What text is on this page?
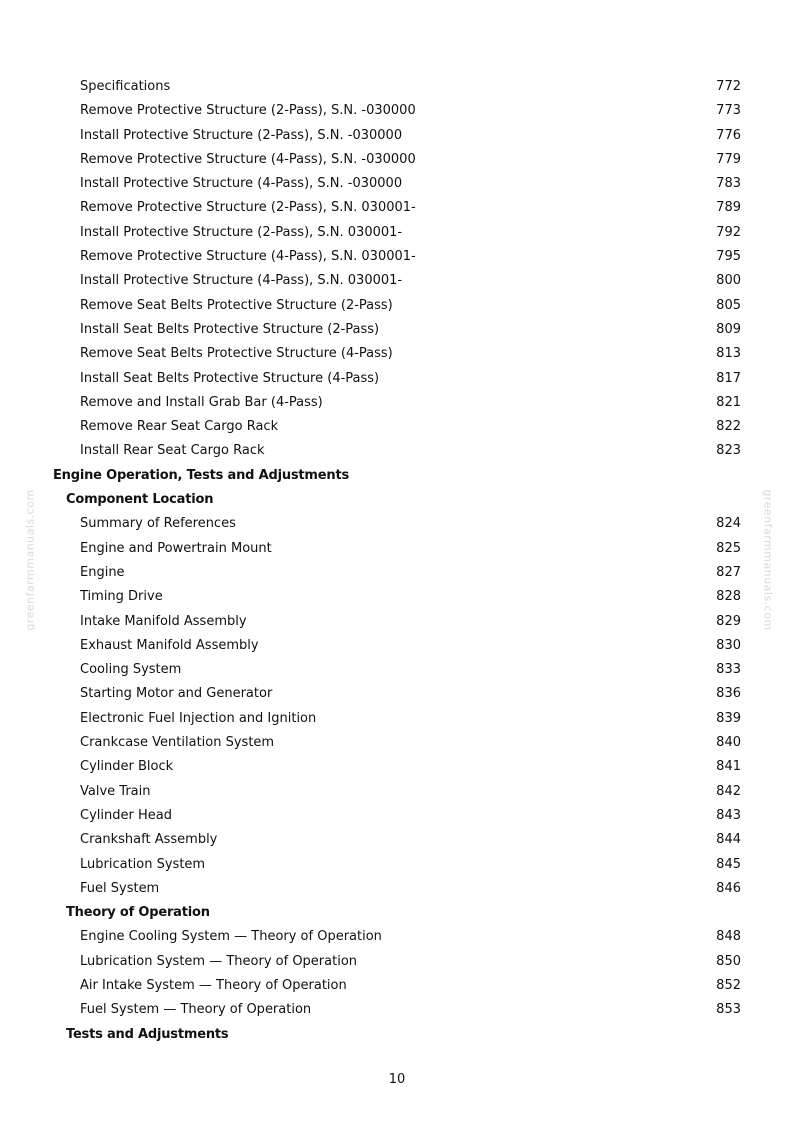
Specifications	772
Remove Protective Structure (2-Pass), S.N. -030000	773
Install Protective Structure (2-Pass), S.N. -030000	776
Remove Protective Structure (4-Pass), S.N. -030000	779
Install Protective Structure (4-Pass), S.N. -030000	783
Remove Protective Structure (2-Pass), S.N. 030001-	789
Install Protective Structure (2-Pass), S.N. 030001-	792
Remove Protective Structure (4-Pass), S.N. 030001-	795
Install Protective Structure (4-Pass), S.N. 030001-	800
Remove Seat Belts Protective Structure (2-Pass)	805
Install Seat Belts Protective Structure (2-Pass)	809
Remove Seat Belts Protective Structure (4-Pass)	813
Install Seat Belts Protective Structure (4-Pass)	817
Remove and Install Grab Bar (4-Pass)	821
Remove Rear Seat Cargo Rack	822
Install Rear Seat Cargo Rack	823
Engine Operation, Tests and Adjustments
Component Location
Summary of References	824
Engine and Powertrain Mount	825
Engine	827
Timing Drive	828
Intake Manifold Assembly	829
Exhaust Manifold Assembly	830
Cooling System	833
Starting Motor and Generator	836
Electronic Fuel Injection and Ignition	839
Crankcase Ventilation System	840
Cylinder Block	841
Valve Train	842
Cylinder Head	843
Crankshaft Assembly	844
Lubrication System	845
Fuel System	846
Theory of Operation
Engine Cooling System — Theory of Operation	848
Lubrication System — Theory of Operation	850
Air Intake System — Theory of Operation	852
Fuel System — Theory of Operation	853
Tests and Adjustments
greenfarmmanuals.com	greenfarmmanuals.com
10
